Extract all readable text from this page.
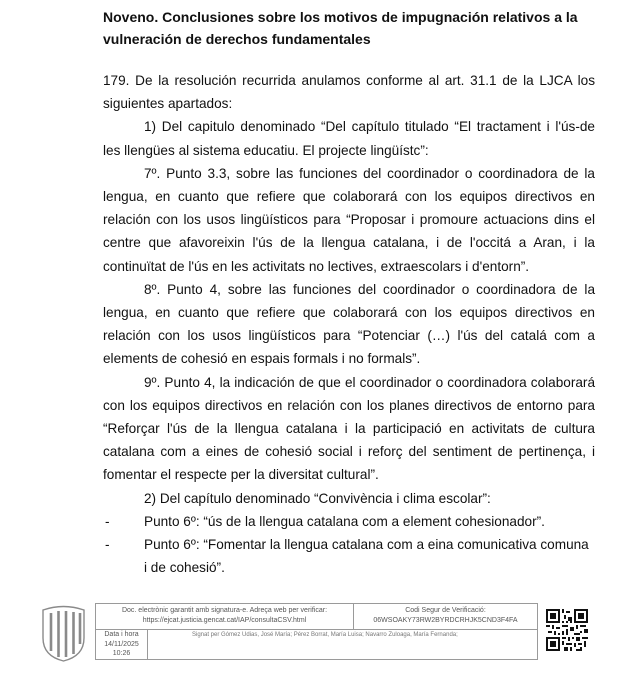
Noveno. Conclusiones sobre los motivos de impugnación relativos a la
vulneración de derechos fundamentales

179. De la resolución recurrida anulamos conforme al art. 31.1 de la LJCA los siguientes apartados:

1) Del capitulo denominado “Del capítulo titulado “El tractament i l'ús-de les llengües al sistema educatiu. El projecte lingüístc”:

7º. Punto 3.3, sobre las funciones del coordinador o coordinadora de la lengua, en cuanto que refiere que colaborará con los equipos directivos en relación con los usos lingüísticos para “Proposar i promoure actuacions dins el centre que afavoreixin l'ús de la llengua catalana, i de l'occitá a Aran, i la continuïtat de l'ús en les activitats no lectives, extraescolars i d'entorn”.

8º. Punto 4, sobre las funciones del coordinador o coordinadora de la lengua, en cuanto que refiere que colaborará con los equipos directivos en relación con los usos lingüísticos para “Potenciar (…) l'ús del catalá com a elements de cohesió en espais formals i no formals”.

9º. Punto 4, la indicación de que el coordinador o coordinadora colaborará con los equipos directivos en relación con los planes directivos de entorno para “Reforçar l'ús de la llengua catalana i la participació en activitats de cultura catalana com a eines de cohesió social i reforç del sentiment de pertinença, i fomentar el respecte per la diversitat cultural”.

2) Del capítulo denominado “Convivència i clima escolar”:

-	Punto 6º: “ús de la llengua catalana com a element cohesionador”.
-	Punto 6º: “Fomentar la llengua catalana com a eina comunicativa comuna i de cohesió”.
Doc. electrònic garantit amb signatura-e. Adreça web per verificar:
https://ejcat.justicia.gencat.cat/IAP/consultaCSV.html
Codi Segur de Verificació:
06WSOAKY73RW2BYRDCRHJK5CND3F4FA
Data i hora
14/11/2025
10:26
Signat per Gómez Udias, José María; Pérez Borrat, María Luisa; Navarro Zuloaga, María Fernanda;
